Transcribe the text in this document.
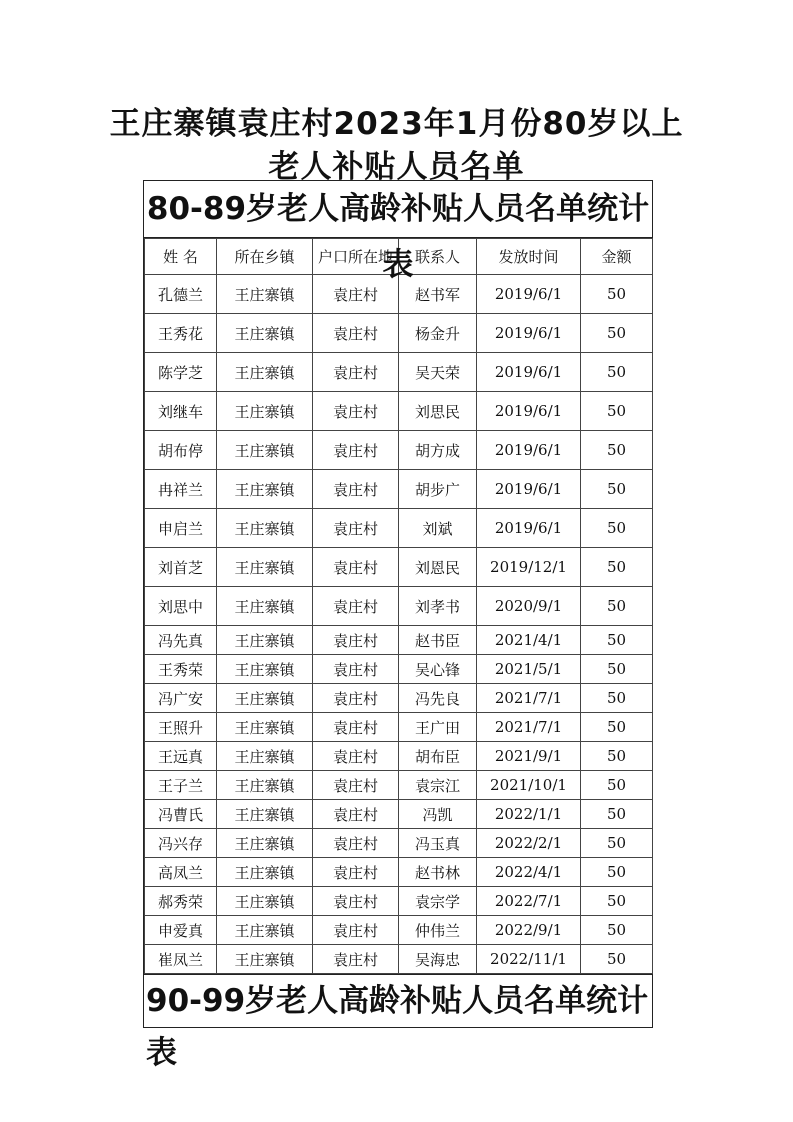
王庄寨镇袁庄村2023年1月份80岁以上
老人补贴人员名单
80-89岁老人高龄补贴人员名单统计表
姓 名	所在乡镇	户口所在地	联系人	发放时间	金额
孔德兰	王庄寨镇	袁庄村	赵书军	2019/6/1	50
王秀花	王庄寨镇	袁庄村	杨金升	2019/6/1	50
陈学芝	王庄寨镇	袁庄村	吴天荣	2019/6/1	50
刘继车	王庄寨镇	袁庄村	刘思民	2019/6/1	50
胡布停	王庄寨镇	袁庄村	胡方成	2019/6/1	50
冉祥兰	王庄寨镇	袁庄村	胡步广	2019/6/1	50
申启兰	王庄寨镇	袁庄村	刘斌	2019/6/1	50
刘首芝	王庄寨镇	袁庄村	刘恩民	2019/12/1	50
刘思中	王庄寨镇	袁庄村	刘孝书	2020/9/1	50
冯先真	王庄寨镇	袁庄村	赵书臣	2021/4/1	50
王秀荣	王庄寨镇	袁庄村	吴心锋	2021/5/1	50
冯广安	王庄寨镇	袁庄村	冯先良	2021/7/1	50
王照升	王庄寨镇	袁庄村	王广田	2021/7/1	50
王远真	王庄寨镇	袁庄村	胡布臣	2021/9/1	50
王子兰	王庄寨镇	袁庄村	袁宗江	2021/10/1	50
冯曹氏	王庄寨镇	袁庄村	冯凯	2022/1/1	50
冯兴存	王庄寨镇	袁庄村	冯玉真	2022/2/1	50
高凤兰	王庄寨镇	袁庄村	赵书林	2022/4/1	50
郝秀荣	王庄寨镇	袁庄村	袁宗学	2022/7/1	50
申爱真	王庄寨镇	袁庄村	仲伟兰	2022/9/1	50
崔凤兰	王庄寨镇	袁庄村	吴海忠	2022/11/1	50
90-99岁老人高龄补贴人员名单统计表
